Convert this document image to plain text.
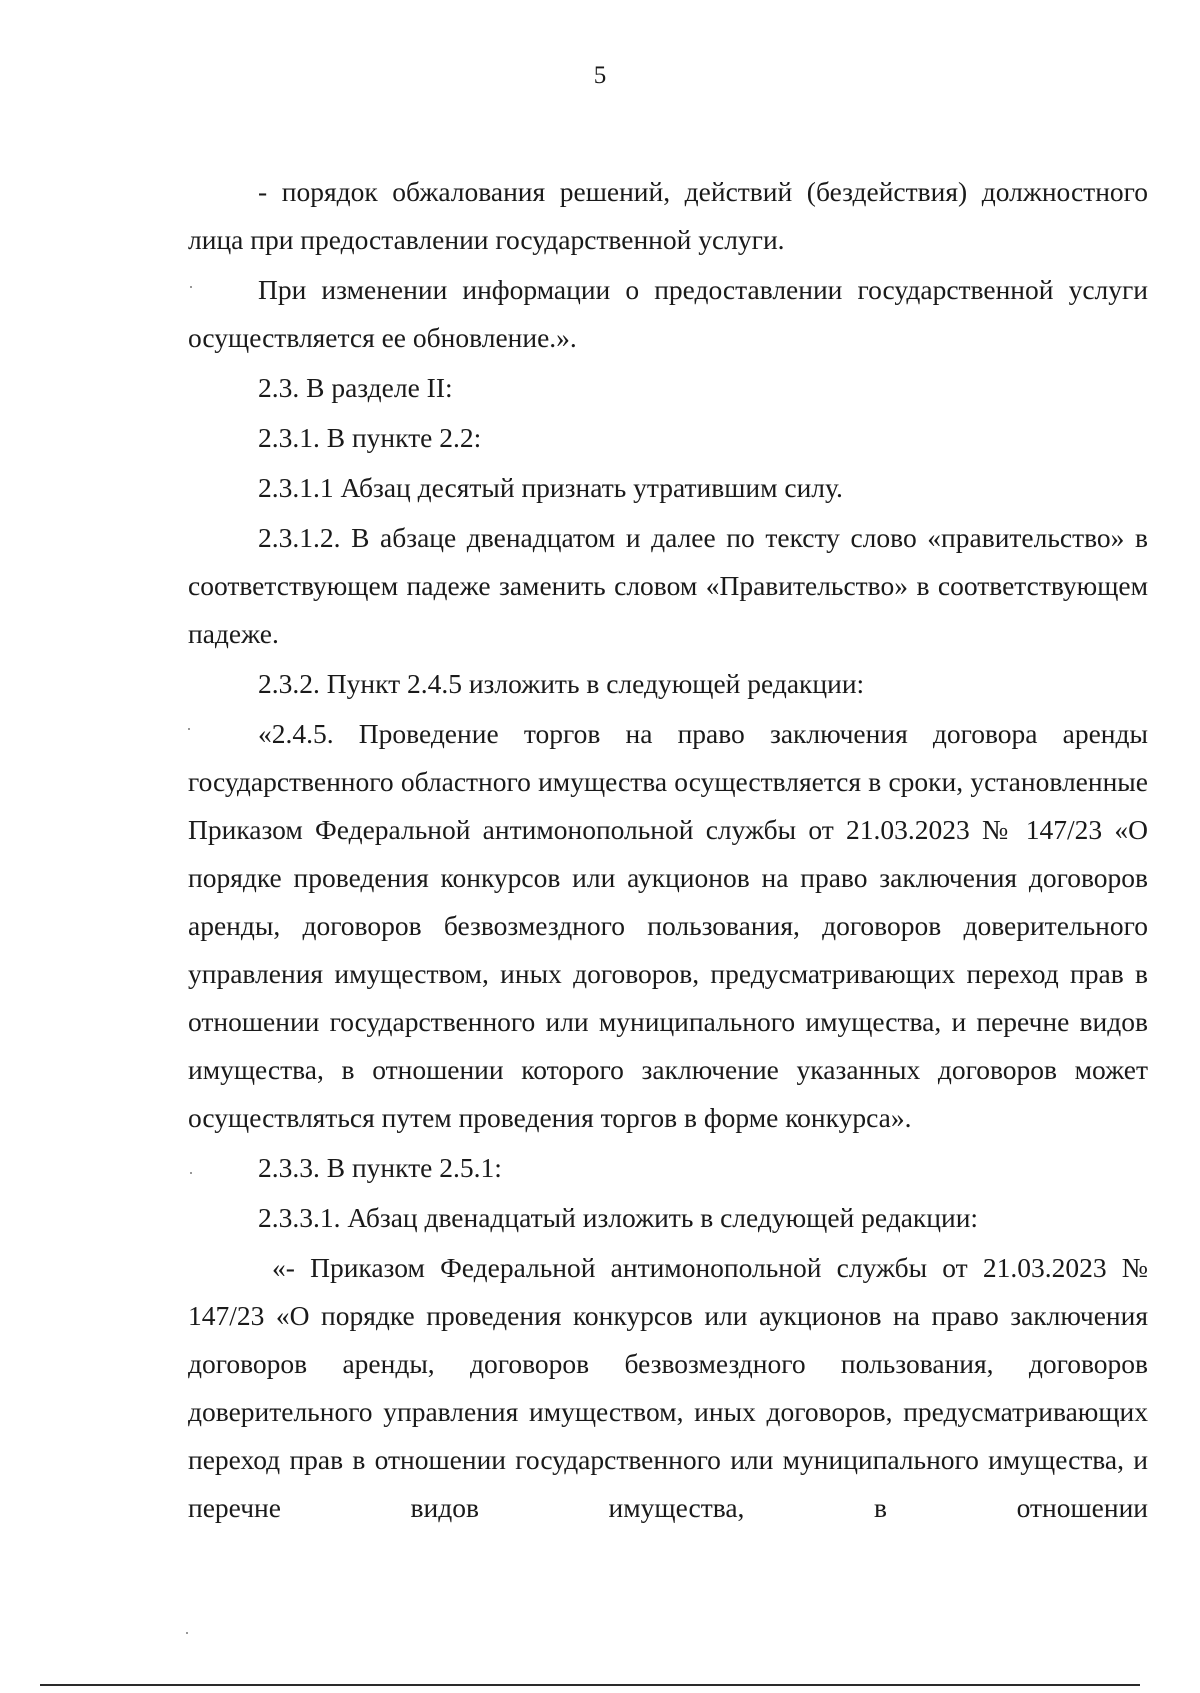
5

- порядок обжалования решений, действий (бездействия) должностного лица при предоставлении государственной услуги.

При изменении информации о предоставлении государственной услуги осуществляется ее обновление.».

2.3. В разделе II:

2.3.1. В пункте 2.2:

2.3.1.1 Абзац десятый признать утратившим силу.

2.3.1.2. В абзаце двенадцатом и далее по тексту слово «правительство» в соответствующем падеже заменить словом «Правительство» в соответствующем падеже.

2.3.2. Пункт 2.4.5 изложить в следующей редакции:

«2.4.5. Проведение торгов на право заключения договора аренды государственного областного имущества осуществляется в сроки, установленные Приказом Федеральной антимонопольной службы от 21.03.2023 № 147/23 «О порядке проведения конкурсов или аукционов на право заключения договоров аренды, договоров безвозмездного пользования, договоров доверительного управления имуществом, иных договоров, предусматривающих переход прав в отношении государственного или муниципального имущества, и перечне видов имущества, в отношении которого заключение указанных договоров может осуществляться путем проведения торгов в форме конкурса».

2.3.3. В пункте 2.5.1:

2.3.3.1. Абзац двенадцатый изложить в следующей редакции:

«- Приказом Федеральной антимонопольной службы от 21.03.2023 № 147/23 «О порядке проведения конкурсов или аукционов на право заключения договоров аренды, договоров безвозмездного пользования, договоров доверительного управления имуществом, иных договоров, предусматривающих переход прав в отношении государственного или муниципального имущества, и перечне видов имущества, в отношении
